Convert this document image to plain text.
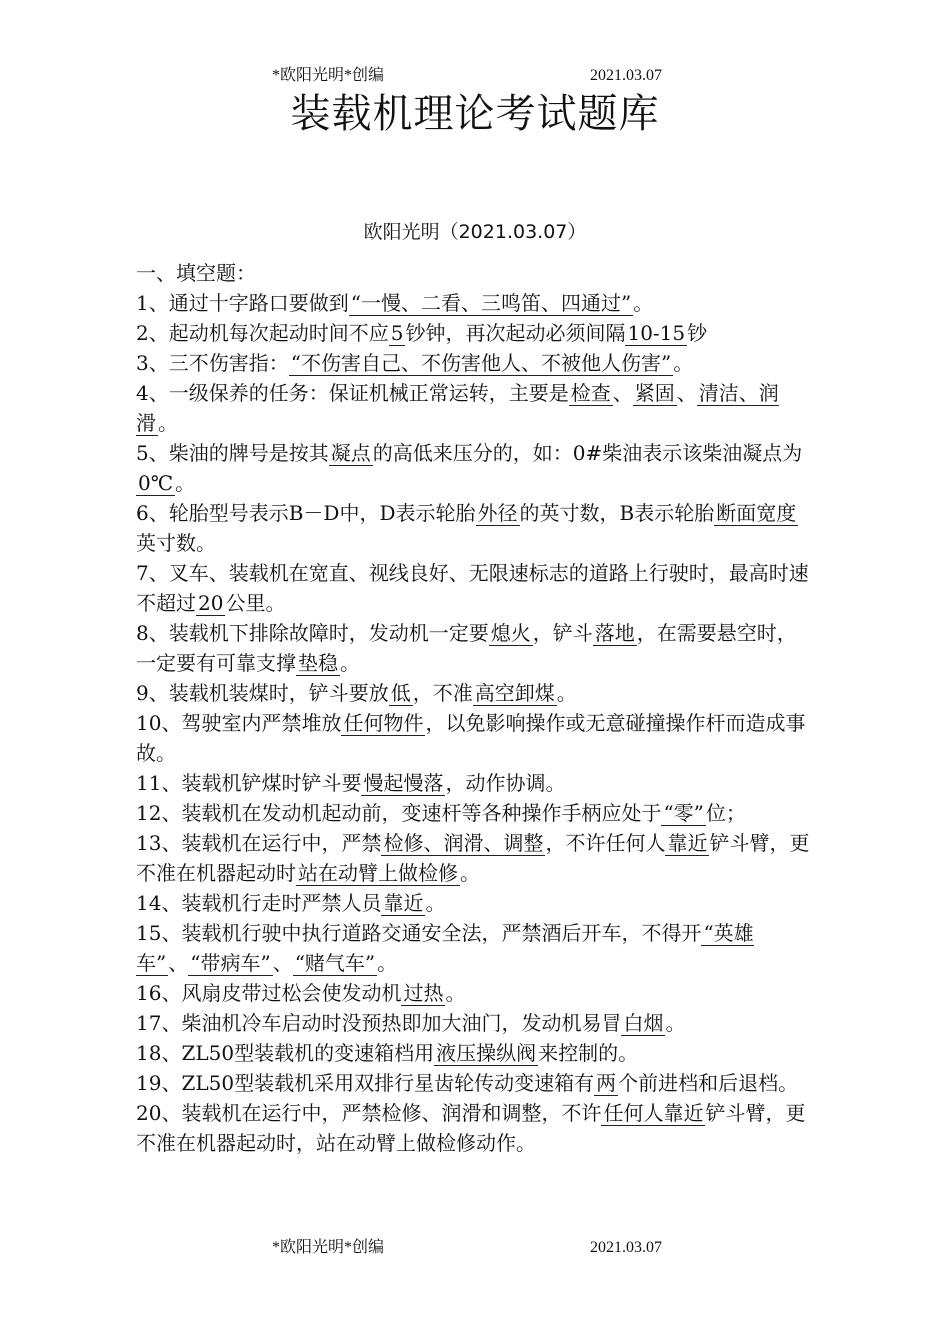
*欧阳光明*创编	2021.03.07
装载机理论考试题库
欧阳光明（2021.03.07）

一、填空题：

1、通过十字路口要做到 “一慢、二看、三鸣笛、四通过” 。

2、起动机每次起动时间不应 5 钞钟，再次起动必须间隔 10-15 钞

3、三不伤害指： “不伤害自己、不伤害他人、不被他人伤害” 。

4、一级保养的任务：保证机械正常运转，主要是 检查 、 紧固 、 清洁、润滑 。

5、柴油的牌号是按其 凝点 的高低来压分的，如：0#柴油表示该柴油凝点为0℃ 。

6、轮胎型号表示B－D中，D表示轮胎 外径 的英寸数，B表示轮胎 断面宽度英寸数。

7、叉车、装载机在宽直、视线良好、无限速标志的道路上行驶时，最高时速不超过 20 公里。

8、装载机下排除故障时，发动机一定要 熄火 ，铲斗 落地 ，在需要悬空时，一定要有可靠支撑 垫稳 。

9、装载机装煤时，铲斗要放 低 ，不准 高空卸煤 。

10、驾驶室内严禁堆放 任何物件 ，以免影响操作或无意碰撞操作杆而造成事故。

11、装载机铲煤时铲斗要 慢起慢落 ，动作协调。

12、装载机在发动机起动前，变速杆等各种操作手柄应处于 “零” 位；

13、装载机在运行中，严禁 检修、润滑、调整 ，不许任何人 靠近 铲斗臂，更不准在机器起动时 站在动臂上做检修 。

14、装载机行走时严禁人员 靠近 。

15、装载机行驶中执行道路交通安全法，严禁酒后开车，不得开 “英雄车” 、 “带病车” 、 “赌气车” 。

16、风扇皮带过松会使发动机 过热 。

17、柴油机冷车启动时没预热即加大油门，发动机易冒 白烟 。

18、ZL50型装载机的变速箱档用 液压操纵阀 来控制的。

19、ZL50型装载机采用双排行星齿轮传动变速箱有 两 个前进档和后退档。

20、装载机在运行中，严禁检修、润滑和调整，不许 任何人靠近 铲斗臂，更不准在机器起动时，站在动臂上做检修动作。

*欧阳光明*创编	2021.03.07
